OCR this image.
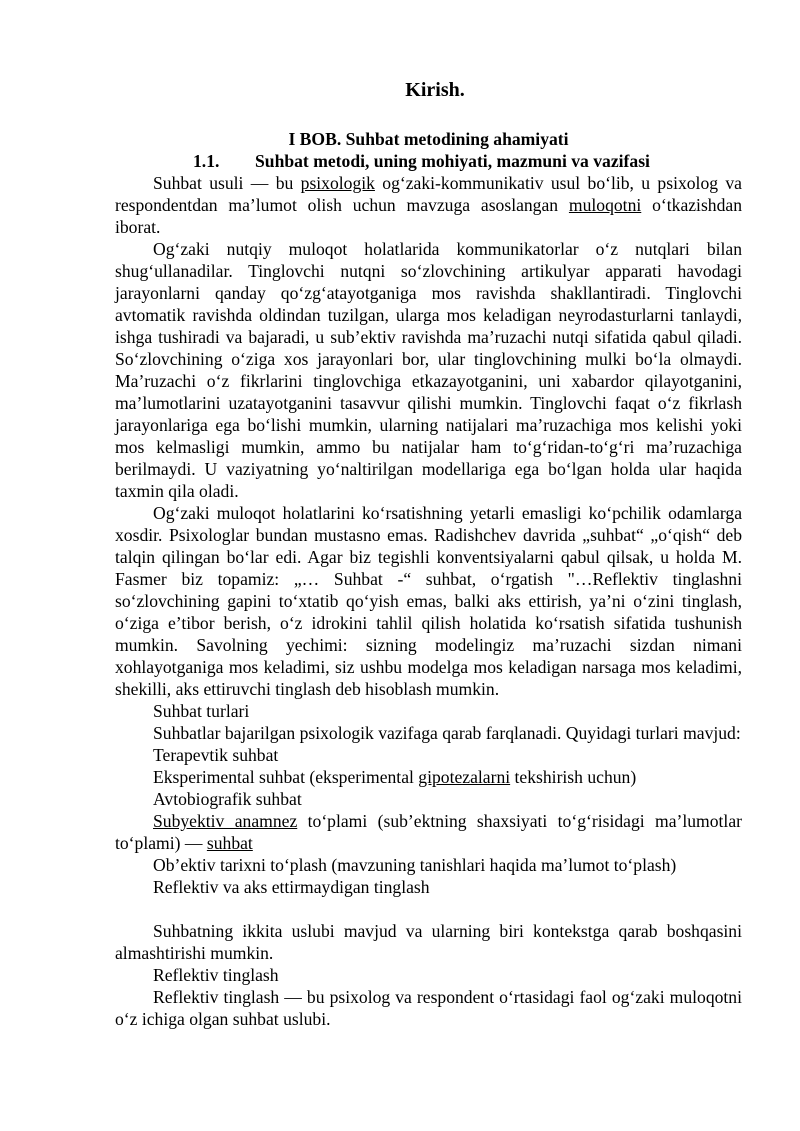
Kirish.
I BOB. Suhbat metodining ahamiyati
1.1. Suhbat metodi, uning mohiyati, mazmuni va vazifasi

Suhbat usuli — bu psixologik og‘zaki-kommunikativ usul bo‘lib, u psixolog va respondentdan ma’lumot olish uchun mavzuga asoslangan muloqotni o‘tkazishdan iborat.

Og‘zaki nutqiy muloqot holatlarida kommunikatorlar o‘z nutqlari bilan shug‘ullanadilar. Tinglovchi nutqni so‘zlovchining artikulyar apparati havodagi jarayonlarni qanday qo‘zg‘atayotganiga mos ravishda shakllantiradi. Tinglovchi avtomatik ravishda oldindan tuzilgan, ularga mos keladigan neyrodasturlarni tanlaydi, ishga tushiradi va bajaradi, u sub’ektiv ravishda ma’ruzachi nutqi sifatida qabul qiladi. So‘zlovchining o‘ziga xos jarayonlari bor, ular tinglovchining mulki bo‘la olmaydi. Ma’ruzachi o‘z fikrlarini tinglovchiga etkazayotganini, uni xabardor qilayotganini, ma’lumotlarini uzatayotganini tasavvur qilishi mumkin. Tinglovchi faqat o‘z fikrlash jarayonlariga ega bo‘lishi mumkin, ularning natijalari ma’ruzachiga mos kelishi yoki mos kelmasligi mumkin, ammo bu natijalar ham to‘g‘ridan-to‘g‘ri ma’ruzachiga berilmaydi. U vaziyatning yo‘naltirilgan modellariga ega bo‘lgan holda ular haqida taxmin qila oladi.

Og‘zaki muloqot holatlarini ko‘rsatishning yetarli emasligi ko‘pchilik odamlarga xosdir. Psixologlar bundan mustasno emas. Radishchev davrida „suhbat“ „o‘qish“ deb talqin qilingan bo‘lar edi. Agar biz tegishli konventsiyalarni qabul qilsak, u holda M. Fasmer biz topamiz: „… Suhbat -“ suhbat, o‘rgatish "…Reflektiv tinglashni so‘zlovchining gapini to‘xtatib qo‘yish emas, balki aks ettirish, ya’ni o‘zini tinglash, o‘ziga e’tibor berish, o‘z idrokini tahlil qilish holatida ko‘rsatish sifatida tushunish mumkin. Savolning yechimi: sizning modelingiz ma’ruzachi sizdan nimani xohlayotganiga mos keladimi, siz ushbu modelga mos keladigan narsaga mos keladimi, shekilli, aks ettiruvchi tinglash deb hisoblash mumkin.

Suhbat turlari

Suhbatlar bajarilgan psixologik vazifaga qarab farqlanadi. Quyidagi turlari mavjud:

Terapevtik suhbat

Eksperimental suhbat (eksperimental gipotezalarni tekshirish uchun)

Avtobiografik suhbat

Subyektiv anamnez to‘plami (sub’ektning shaxsiyati to‘g‘risidagi ma’lumotlar to‘plami) — suhbat

Ob’ektiv tarixni to‘plash (mavzuning tanishlari haqida ma’lumot to‘plash)

Reflektiv va aks ettirmaydigan tinglash

Suhbatning ikkita uslubi mavjud va ularning biri kontekstga qarab boshqasini almashtirishi mumkin.

Reflektiv tinglash

Reflektiv tinglash — bu psixolog va respondent o‘rtasidagi faol og‘zaki muloqotni o‘z ichiga olgan suhbat uslubi.
